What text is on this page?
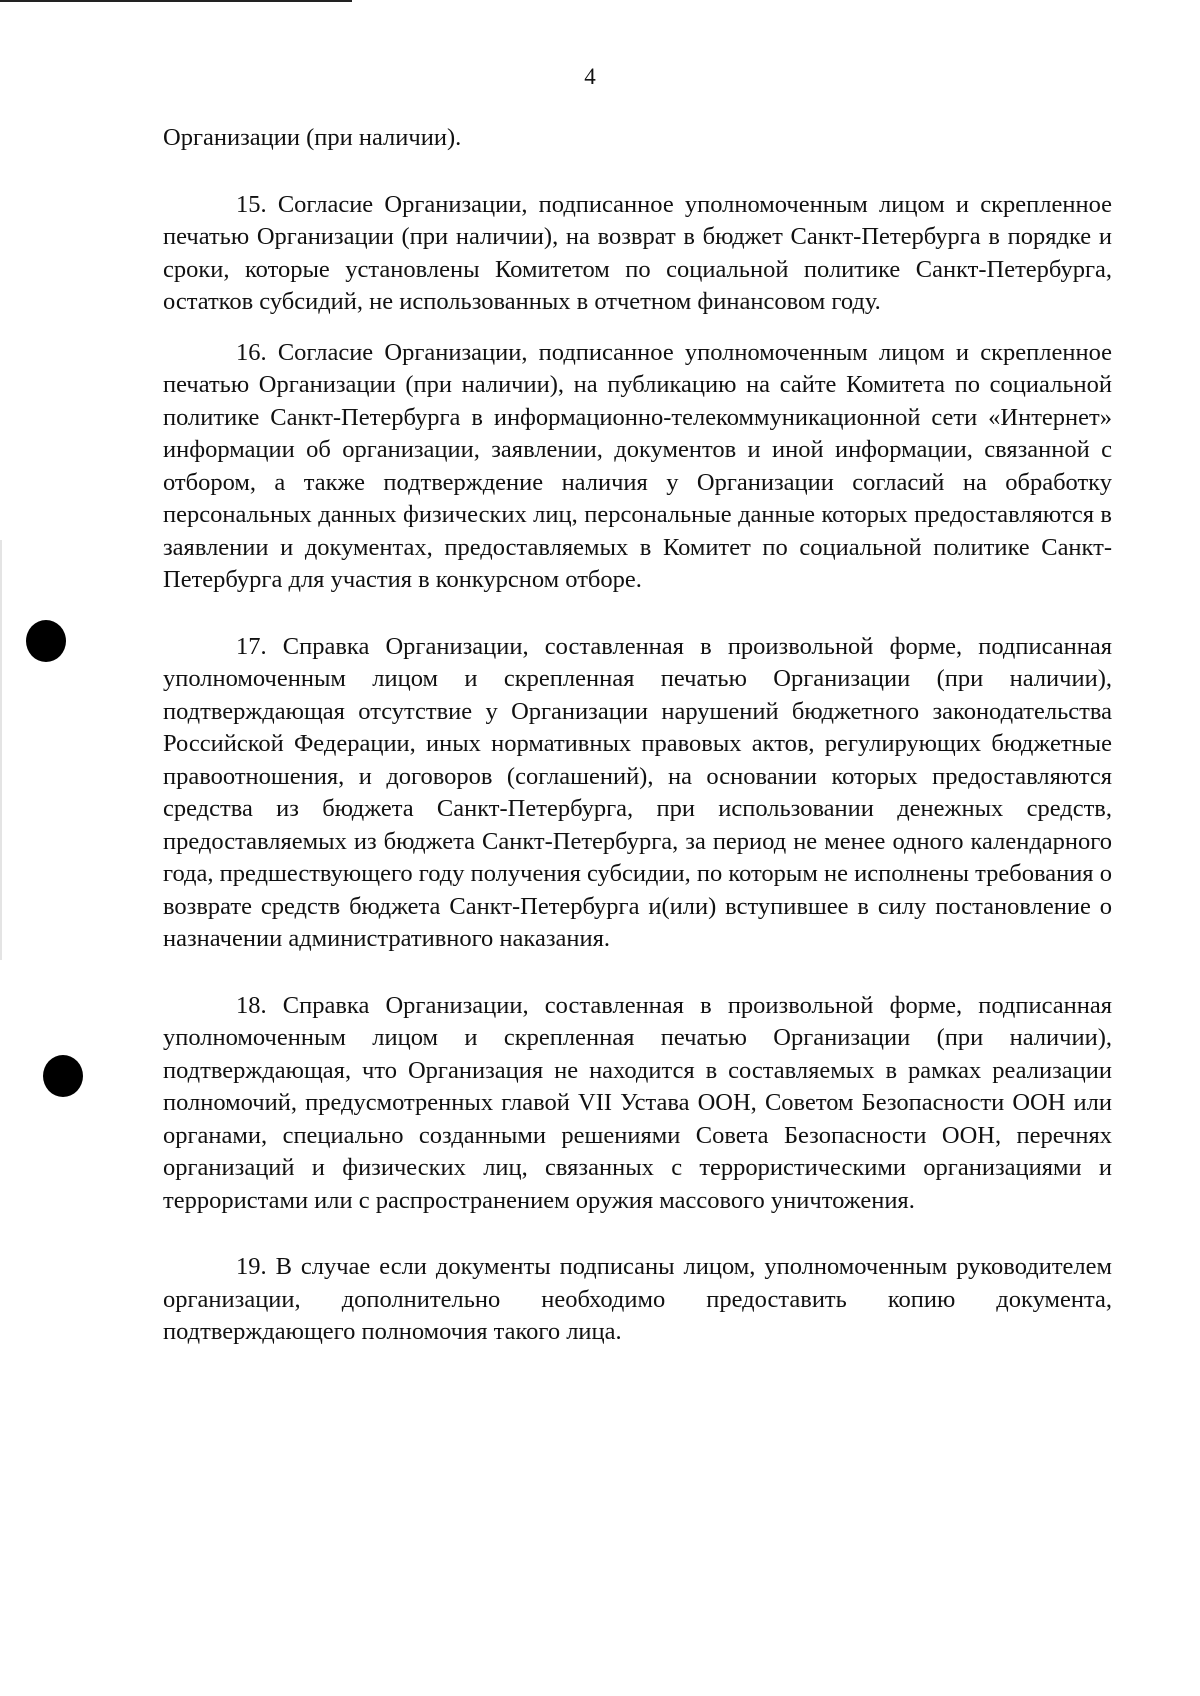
4

Организации (при наличии).

15. Согласие Организации, подписанное уполномоченным лицом и скрепленное печатью Организации (при наличии), на возврат в бюджет Санкт-Петербурга в порядке и сроки, которые установлены Комитетом по социальной политике Санкт-Петербурга, остатков субсидий, не использованных в отчетном финансовом году.

16. Согласие Организации, подписанное уполномоченным лицом и скрепленное печатью Организации (при наличии), на публикацию на сайте Комитета по социальной политике Санкт-Петербурга в информационно-телекоммуникационной сети «Интернет» информации об организации, заявлении, документов и иной информации, связанной с отбором, а также подтверждение наличия у Организации согласий на обработку персональных данных физических лиц, персональные данные которых предоставляются в заявлении и документах, предоставляемых в Комитет по социальной политике Санкт-Петербурга для участия в конкурсном отборе.

17. Справка Организации, составленная в произвольной форме, подписанная уполномоченным лицом и скрепленная печатью Организации (при наличии), подтверждающая отсутствие у Организации нарушений бюджетного законодательства Российской Федерации, иных нормативных правовых актов, регулирующих бюджетные правоотношения, и договоров (соглашений), на основании которых предоставляются средства из бюджета Санкт-Петербурга, при использовании денежных средств, предоставляемых из бюджета Санкт-Петербурга, за период не менее одного календарного года, предшествующего году получения субсидии, по которым не исполнены требования о возврате средств бюджета Санкт-Петербурга и(или) вступившее в силу постановление о назначении административного наказания.

18. Справка Организации, составленная в произвольной форме, подписанная уполномоченным лицом и скрепленная печатью Организации (при наличии), подтверждающая, что Организация не находится в составляемых в рамках реализации полномочий, предусмотренных главой VII Устава ООН, Советом Безопасности ООН или органами, специально созданными решениями Совета Безопасности ООН, перечнях организаций и физических лиц, связанных с террористическими организациями и террористами или с распространением оружия массового уничтожения.

19. В случае если документы подписаны лицом, уполномоченным руководителем организации, дополнительно необходимо предоставить копию документа, подтверждающего полномочия такого лица.
